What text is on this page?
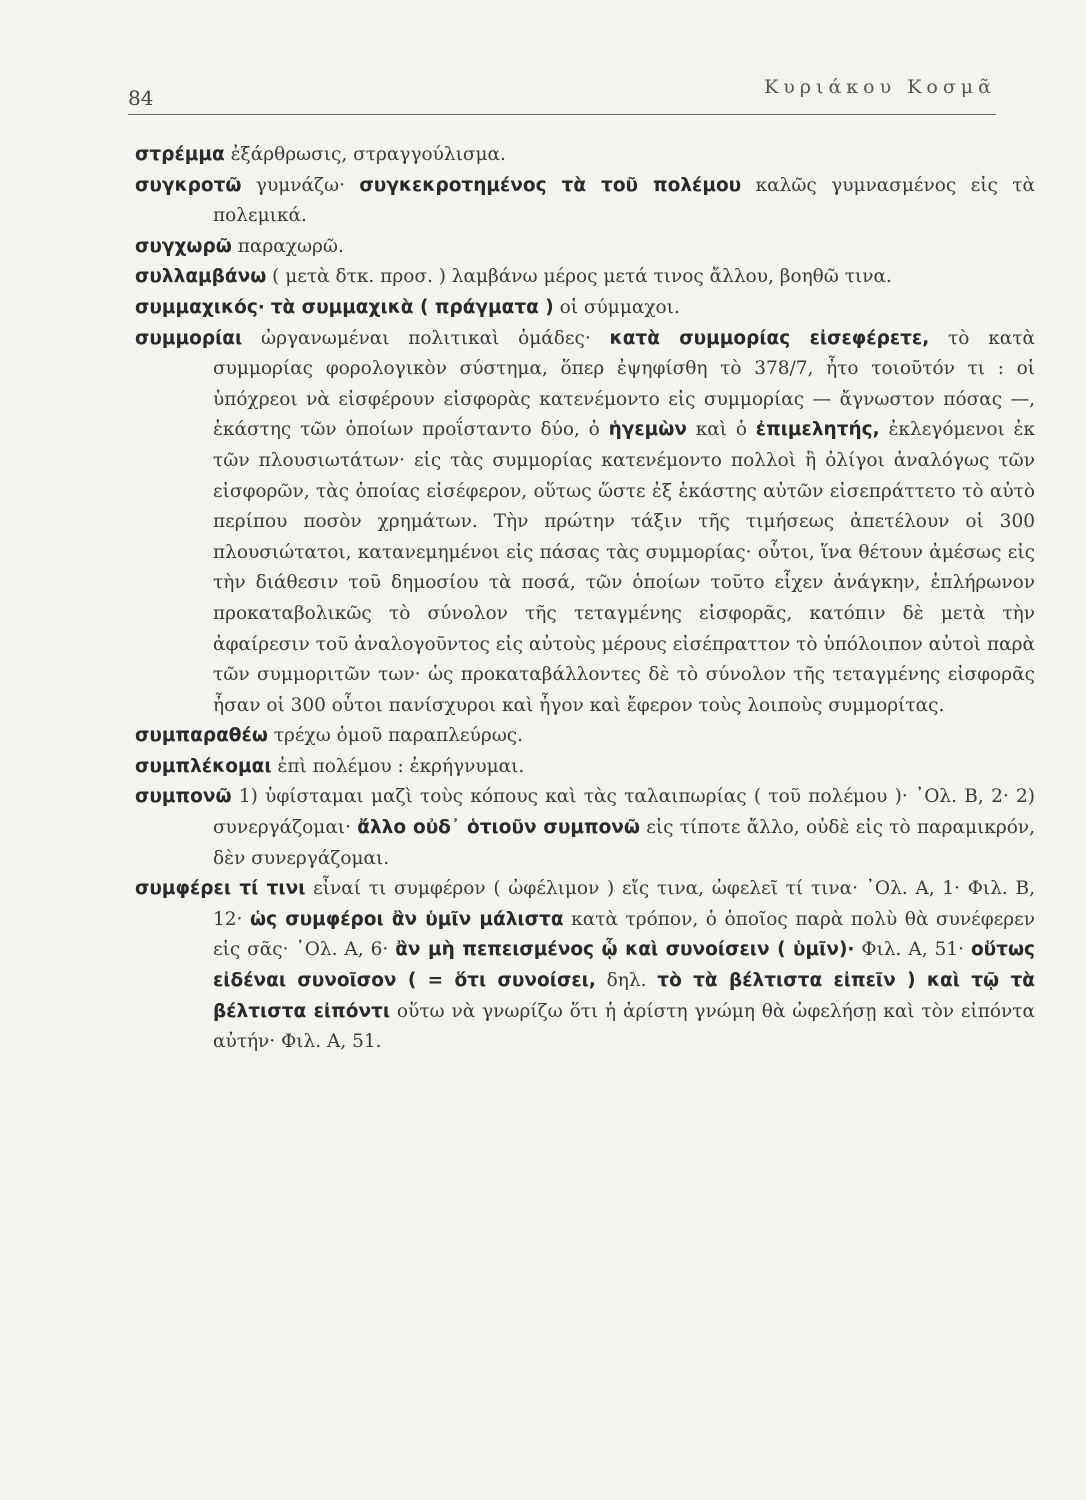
84	Κυριάκου Κοσμᾶ

στρέμμα ἐξάρθρωσις, στραγγούλισμα.

συγκροτῶ γυμνάζω· συγκεκροτημένος τὰ τοῦ πολέμου καλῶς γυμνασμένος εἰς τὰ πολεμικά.

συγχωρῶ παραχωρῶ.

συλλαμβάνω ( μετὰ δτκ. προσ. ) λαμβάνω μέρος μετά τινος ἄλλου, βοηθῶ τινα.

συμμαχικός· τὰ συμμαχικὰ ( πράγματα ) οἱ σύμμαχοι.

συμμορίαι ὠργανωμέναι πολιτικαὶ ὁμάδες· κατὰ συμμορίας εἰσεφέρετε, τὸ κατὰ συμμορίας φορολογικὸν σύστημα, ὅπερ ἐψηφίσθη τὸ 378/7, ἦτο τοιοῦτόν τι : οἱ ὑπόχρεοι νὰ εἰσφέρουν εἰσφορὰς κατενέμοντο εἰς συμμορίας — ἄγνωστον πόσας —, ἑκάστης τῶν ὁποίων προΐσταντο δύο, ὁ ἡγεμὼν καὶ ὁ ἐπιμελητής, ἐκλεγόμενοι ἐκ τῶν πλουσιωτάτων· εἰς τὰς συμμορίας κατενέμοντο πολλοὶ ἢ ὀλίγοι ἀναλόγως τῶν εἰσφορῶν, τὰς ὁποίας εἰσέφερον, οὕτως ὥστε ἐξ ἑκάστης αὐτῶν εἰσεπράττετο τὸ αὐτὸ περίπου ποσὸν χρημάτων. Τὴν πρώτην τάξιν τῆς τιμήσεως ἀπετέλουν οἱ 300 πλουσιώτατοι, κατανεμημένοι εἰς πάσας τὰς συμμορίας· οὗτοι, ἵνα θέτουν ἀμέσως εἰς τὴν διάθεσιν τοῦ δημοσίου τὰ ποσά, τῶν ὁποίων τοῦτο εἶχεν ἀνάγκην, ἐπλήρωνον προκαταβολικῶς τὸ σύνολον τῆς τεταγμένης εἰσφορᾶς, κατόπιν δὲ μετὰ τὴν ἀφαίρεσιν τοῦ ἀναλογοῦντος εἰς αὐτοὺς μέρους εἰσέπραττον τὸ ὑπόλοιπον αὐτοὶ παρὰ τῶν συμμοριτῶν των· ὡς προκαταβάλλοντες δὲ τὸ σύνολον τῆς τεταγμένης εἰσφορᾶς ἦσαν οἱ 300 οὗτοι πανίσχυροι καὶ ἦγον καὶ ἔφερον τοὺς λοιποὺς συμμορίτας.

συμπαραθέω τρέχω ὁμοῦ παραπλεύρως.

συμπλέκομαι ἐπὶ πολέμου : ἐκρήγνυμαι.

συμπονῶ 1) ὑφίσταμαι μαζὶ τοὺς κόπους καὶ τὰς ταλαιπωρίας ( τοῦ πολέμου )· ᾿Ολ. Β, 2· 2) συνεργάζομαι· ἄλλο οὐδ᾿ ὁτιοῦν συμπονῶ εἰς τίποτε ἄλλο, οὐδὲ εἰς τὸ παραμικρόν, δὲν συνεργάζομαι.

συμφέρει τί τινι εἶναί τι συμφέρον ( ὠφέλιμον ) εἴς τινα, ὠφελεῖ τί τινα· ᾿Ολ. Α, 1· Φιλ. Β, 12· ὡς συμφέροι ἂν ὑμῖν μάλιστα κατὰ τρόπον, ὁ ὁποῖος παρὰ πολὺ θὰ συνέφερεν εἰς σᾶς· ᾿Ολ. Α, 6· ἂν μὴ πεπεισμένος ᾧ καὶ συνοίσειν ( ὑμῖν)· Φιλ. Α, 51· οὕτως εἰδέναι συνοῖσον ( = ὅτι συνοίσει, δηλ. τὸ τὰ βέλτιστα εἰπεῖν ) καὶ τῷ τὰ βέλτιστα εἰπόντι οὕτω νὰ γνωρίζω ὅτι ἡ ἀρίστη γνώμη θὰ ὠφελήσῃ καὶ τὸν εἰπόντα αὐτήν· Φιλ. Α, 51.
